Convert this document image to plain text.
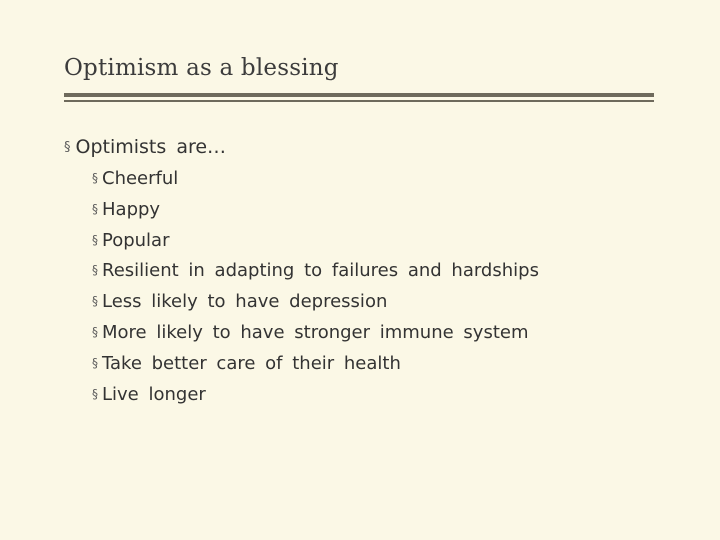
Optimism as a blessing
§ Optimists are…
§ Cheerful
§ Happy
§ Popular
§ Resilient in adapting to failures and hardships
§ Less likely to have depression
§ More likely to have stronger immune system
§ Take better care of their health
§ Live longer
